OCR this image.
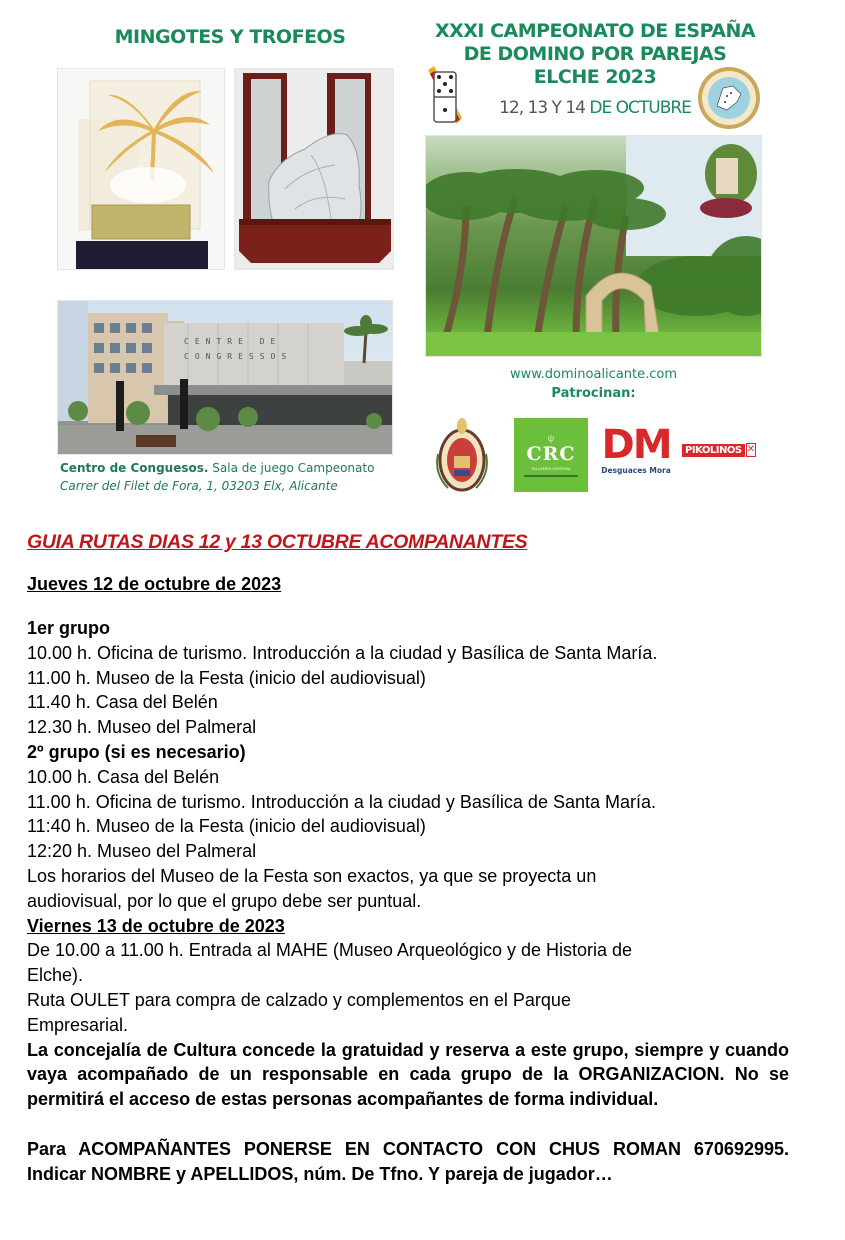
MINGOTES Y TROFEOS	XXXI CAMPEONATO DE ESPAÑA
DE DOMINO POR PAREJAS
ELCHE 2023
12, 13 Y 14 DE OCTUBRE
CENTRE DE
CONGRESSOS
Centro de Conguesos. Sala de juego Campeonato
Carrer del Filet de Fora, 1, 03203 Elx, Alicante
www.dominoalicante.com
Patrocinan:
ψ
CRC
TALLERES CENTRAL DM
Desguaces Mora
PIKOLINOS ✕
GUIA RUTAS DIAS 12 y 13 OCTUBRE ACOMPANANTES
Jueves 12 de octubre de 2023
1er grupo
10.00 h. Oficina de turismo. Introducción a la ciudad y Basílica de Santa María.
11.00 h. Museo de la Festa (inicio del audiovisual)
11.40 h. Casa del Belén
12.30 h. Museo del Palmeral
2º grupo (si es necesario)
10.00 h. Casa del Belén
11.00 h. Oficina de turismo. Introducción a la ciudad y Basílica de Santa María.
11:40 h. Museo de la Festa (inicio del audiovisual)
12:20 h. Museo del Palmeral
Los horarios del Museo de la Festa son exactos, ya que se proyecta un
audiovisual, por lo que el grupo debe ser puntual.
Viernes 13 de octubre de 2023
De 10.00 a 11.00 h. Entrada al MAHE (Museo Arqueológico y de Historia de
Elche).
Ruta OULET para compra de calzado y complementos en el Parque
Empresarial.
La concejalía de Cultura concede la gratuidad y reserva a este grupo, siempre y cuando vaya acompañado de un responsable en cada grupo de la ORGANIZACION. No se permitirá el acceso de estas personas acompañantes de forma individual.
Para ACOMPAÑANTES PONERSE EN CONTACTO CON CHUS ROMAN 670692995. Indicar NOMBRE y APELLIDOS, núm. De Tfno. Y pareja de jugador…
